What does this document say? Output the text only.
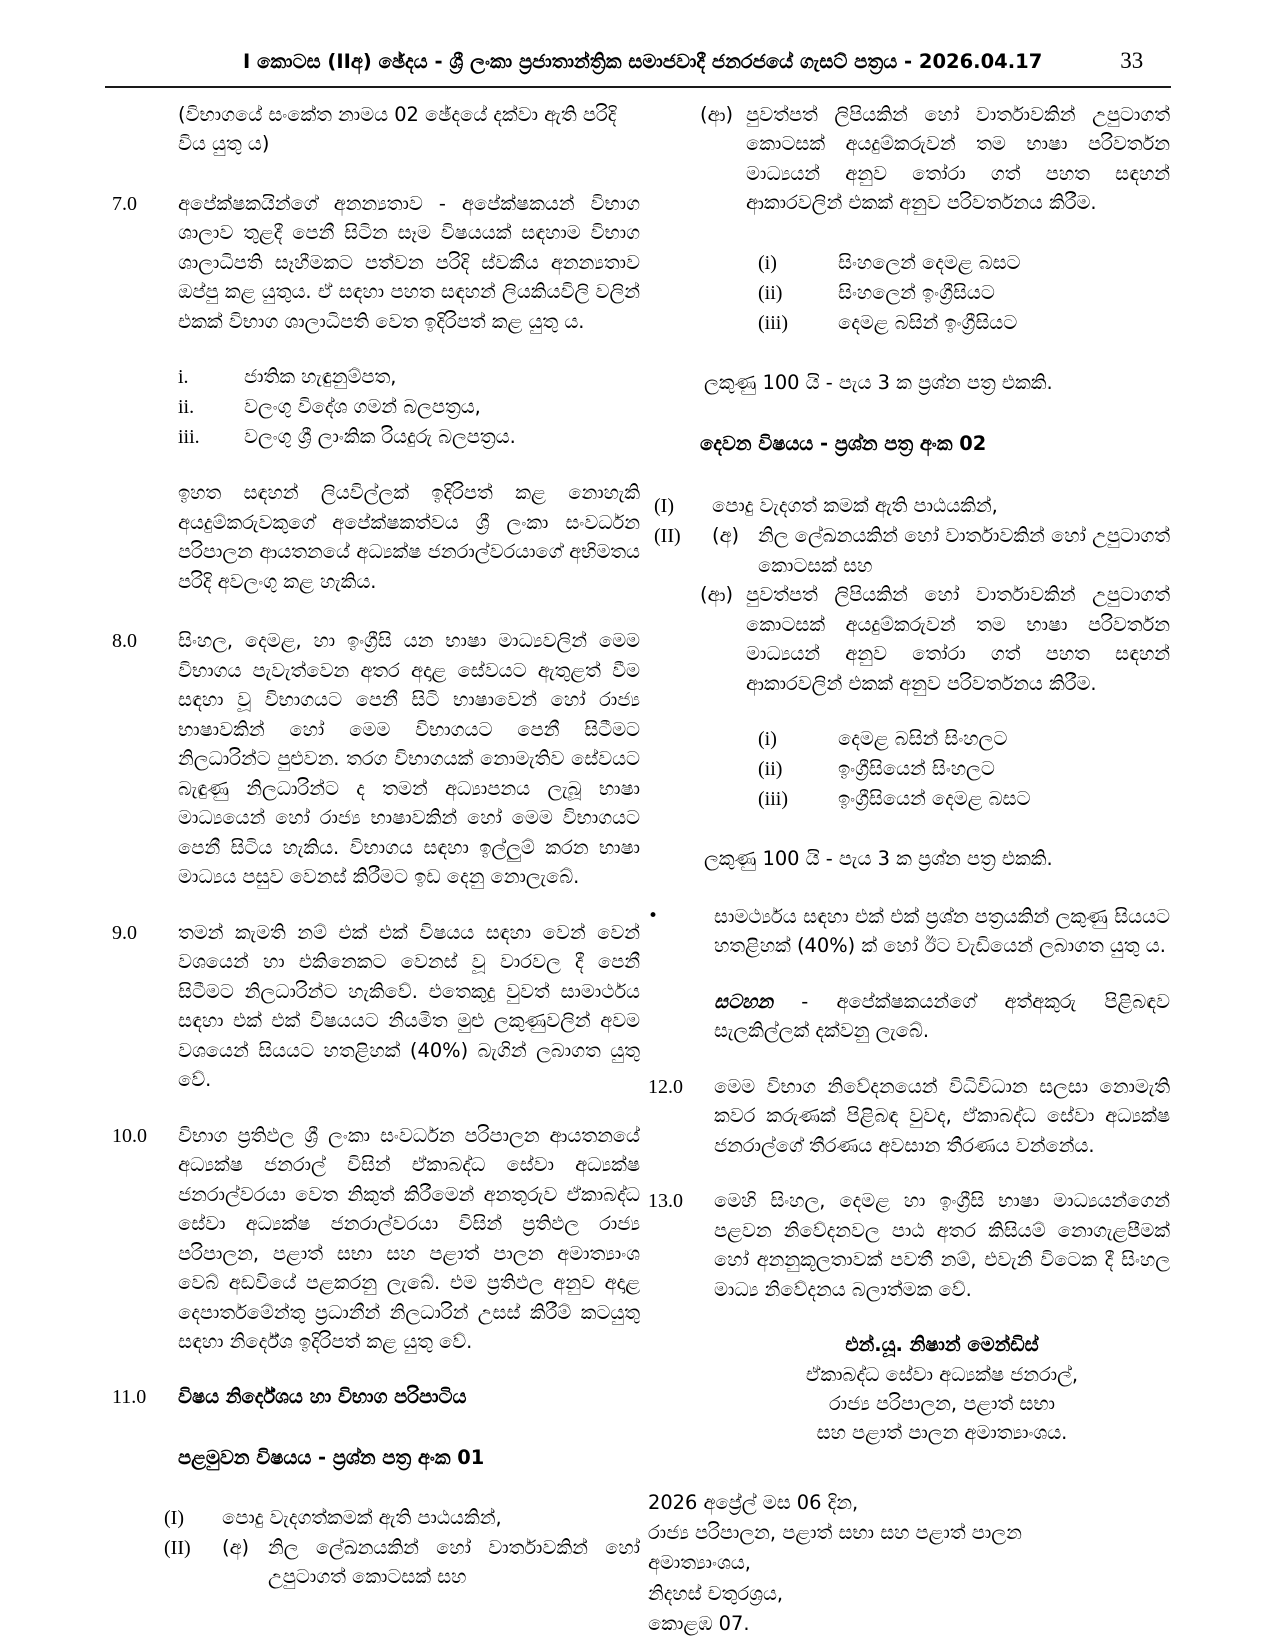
I කොටස (IIඅ) ඡේදය - ශ්‍රී ලංකා ප්‍රජාතාන්ත්‍රික සමාජවාදී ජනරජයේ ගැසට් පත්‍රය - 2026.04.17	33
(විභාගයේ සංකේත නාමය 02 ඡේදයේ දක්වා ඇති පරිදි විය යුතු ය)
7.0	අපේක්ෂකයින්ගේ අනන්‍යතාව - අපේක්ෂකයන් විභාග ශාලාව තුළදී පෙනී සිටින සෑම විෂයයක් සඳහාම විභාග ශාලාධිපති සෑහීමකට පත්වන පරිදි ස්වකීය අනන්‍යතාව ඔප්පු කළ යුතුය. ඒ සඳහා පහත සඳහන් ලියකියවිලි වලින් එකක් විභාග ශාලාධිපති වෙත ඉදිරිපත් කළ යුතු ය.
i.	ජාතික හැඳුනුම්පත,
ii.	වලංගු විදේශ ගමන් බලපත්‍රය,
iii.	වලංගු ශ්‍රී ලාංකික රියදුරු බලපත්‍රය.
ඉහත සඳහන් ලියවිල්ලක් ඉදිරිපත් කළ නොහැකි අයදුම්කරුවකුගේ අපේක්ෂකත්වය ශ්‍රී ලංකා සංවර්ධන පරිපාලන ආයතනයේ අධ්‍යක්ෂ ජනරාල්වරයාගේ අභිමතය පරිදි අවලංගු කළ හැකිය.
8.0	සිංහල, දෙමළ, හා ඉංග්‍රීසි යන භාෂා මාධ්‍යවලින් මෙම විභාගය පැවැත්වෙන අතර අදාළ සේවයට ඇතුළත් වීම සඳහා වූ විභාගයට පෙනී සිටි භාෂාවෙන් හෝ රාජ්‍ය භාෂාවකින් හෝ මෙම විභාගයට පෙනී සිටීමට නිලධාරින්ට පුළුවන. තරග විභාගයක් නොමැතිව සේවයට බැඳුණු නිලධාරින්ට ද තමන් අධ්‍යාපනය ලැබූ භාෂා මාධ්‍යයෙන් හෝ රාජ්‍ය භාෂාවකින් හෝ මෙම විභාගයට පෙනී සිටිය හැකිය. විභාගය සඳහා ඉල්ලුම් කරන භාෂා මාධ්‍යය පසුව වෙනස් කිරීමට ඉඩ දෙනු නොලැබේ.
9.0	තමන් කැමති නම් එක් එක් විෂයය සඳහා වෙන් වෙන් වශයෙන් හා එකිනෙකට වෙනස් වූ වාරවල දී පෙනී සිටීමට නිලධාරින්ට හැකිවේ. එතෙකුදු වුවත් සාමාර්ථය සඳහා එක් එක් විෂයයට නියමිත මුළු ලකුණුවලින් අවම වශයෙන් සියයට හතළිහක් (40%) බැගින් ලබාගත යුතු වේ.
10.0	විභාග ප්‍රතිඵල ශ්‍රී ලංකා සංවර්ධන පරිපාලන ආයතනයේ අධ්‍යක්ෂ ජනරාල් විසින් ඒකාබද්ධ සේවා අධ්‍යක්ෂ ජනරාල්වරයා වෙත නිකුත් කිරීමෙන් අනතුරුව ඒකාබද්ධ සේවා අධ්‍යක්ෂ ජනරාල්වරයා විසින් ප්‍රතිඵල රාජ්‍ය පරිපාලන, පළාත් සභා සහ පළාත් පාලන අමාත්‍යාංශ වෙබ් අඩවියේ පළකරනු ලැබේ. එම ප්‍රතිඵල අනුව අදාළ දෙපාර්තමේන්තු ප්‍රධානීන් නිලධාරින් උසස් කිරීම් කටයුතු සඳහා නිර්දේශ ඉදිරිපත් කළ යුතු වේ.
11.0	විෂය නිර්දේශය හා විභාග පරිපාටිය
පළමුවන විෂයය - ප්‍රශ්න පත්‍ර අංක 01
(I)	පොදු වැදගත්කමක් ඇති පාඨයකින්,
(II)	(අ) නිල ලේඛනයකින් හෝ වාර්තාවකින් හෝ උපුටාගත් කොටසක් සහ
(ආ) පුවත්පත් ලිපියකින් හෝ වාර්තාවකින් උපුටාගත් කොටසක් අයදුම්කරුවන් තම භාෂා පරිවර්තන මාධ්‍යයන් අනුව තෝරා ගත් පහත සඳහන් ආකාරවලින් එකක් අනුව පරිවර්තනය කිරීම.
(i)	සිංහලෙන් දෙමළ බසට
(ii)	සිංහලෙන් ඉංග්‍රීසියට
(iii)	දෙමළ බසින් ඉංග්‍රීසියට
ලකුණු 100 යි - පැය 3 ක ප්‍රශ්න පත්‍ර එකකි.
දෙවන විෂයය - ප්‍රශ්න පත්‍ර අංක 02
(I)	පොදු වැදගත් කමක් ඇති පාඨයකින්,
(II)	(අ) නිල ලේඛනයකින් හෝ වාර්තාවකින් හෝ උපුටාගත් කොටසක් සහ
(ආ) පුවත්පත් ලිපියකින් හෝ වාර්තාවකින් උපුටාගත් කොටසක් අයදුම්කරුවන් තම භාෂා පරිවර්තන මාධ්‍යයන් අනුව තෝරා ගත් පහත සඳහන් ආකාරවලින් එකක් අනුව පරිවර්තනය කිරීම.
(i)	දෙමළ බසින් සිංහලට
(ii)	ඉංග්‍රීසියෙන් සිංහලට
(iii)	ඉංග්‍රීසියෙන් දෙමළ බසට
ලකුණු 100 යි - පැය 3 ක ප්‍රශ්න පත්‍ර එකකි.
•	සාමර්ථ්‍යය සඳහා එක් එක් ප්‍රශ්න පත්‍රයකින් ලකුණු සියයට හතළිහක් (40%) ක් හෝ ඊට වැඩියෙන් ලබාගත යුතු ය.
සටහන - අපේක්ෂකයන්ගේ අත්අකුරු පිළිබඳව සැලකිල්ලක් දක්වනු ලැබේ.
12.0	මෙම විභාග නිවේදනයෙන් විධිවිධාන සලසා නොමැති කවර කරුණක් පිළිබඳ වුවද, ඒකාබද්ධ සේවා අධ්‍යක්ෂ ජනරාල්ගේ තීරණය අවසාන තීරණය වන්නේය.
13.0	මෙහි සිංහල, දෙමළ හා ඉංග්‍රීසි භාෂා මාධ්‍යයන්ගෙන් පළවන නිවේදනවල පාඨ අතර කිසියම් නොගැළපීමක් හෝ අනනුකූලතාවක් පවතී නම්, එවැනි විටෙක දී සිංහල මාධ්‍ය නිවේදනය බලාත්මක වේ.
එන්.යූ. නිෂාන් මෙන්ඩිස්
ඒකාබද්ධ සේවා අධ්‍යක්ෂ ජනරාල්,
රාජ්‍ය පරිපාලන, පළාත් සභා
සහ පළාත් පාලන අමාත්‍යාංශය.
2026 අප්‍රේල් මස 06 දින,
රාජ්‍ය පරිපාලන, පළාත් සභා සහ පළාත් පාලන
අමාත්‍යාංශය,
නිදහස් චතුරශ්‍රය,
කොළඹ 07.
